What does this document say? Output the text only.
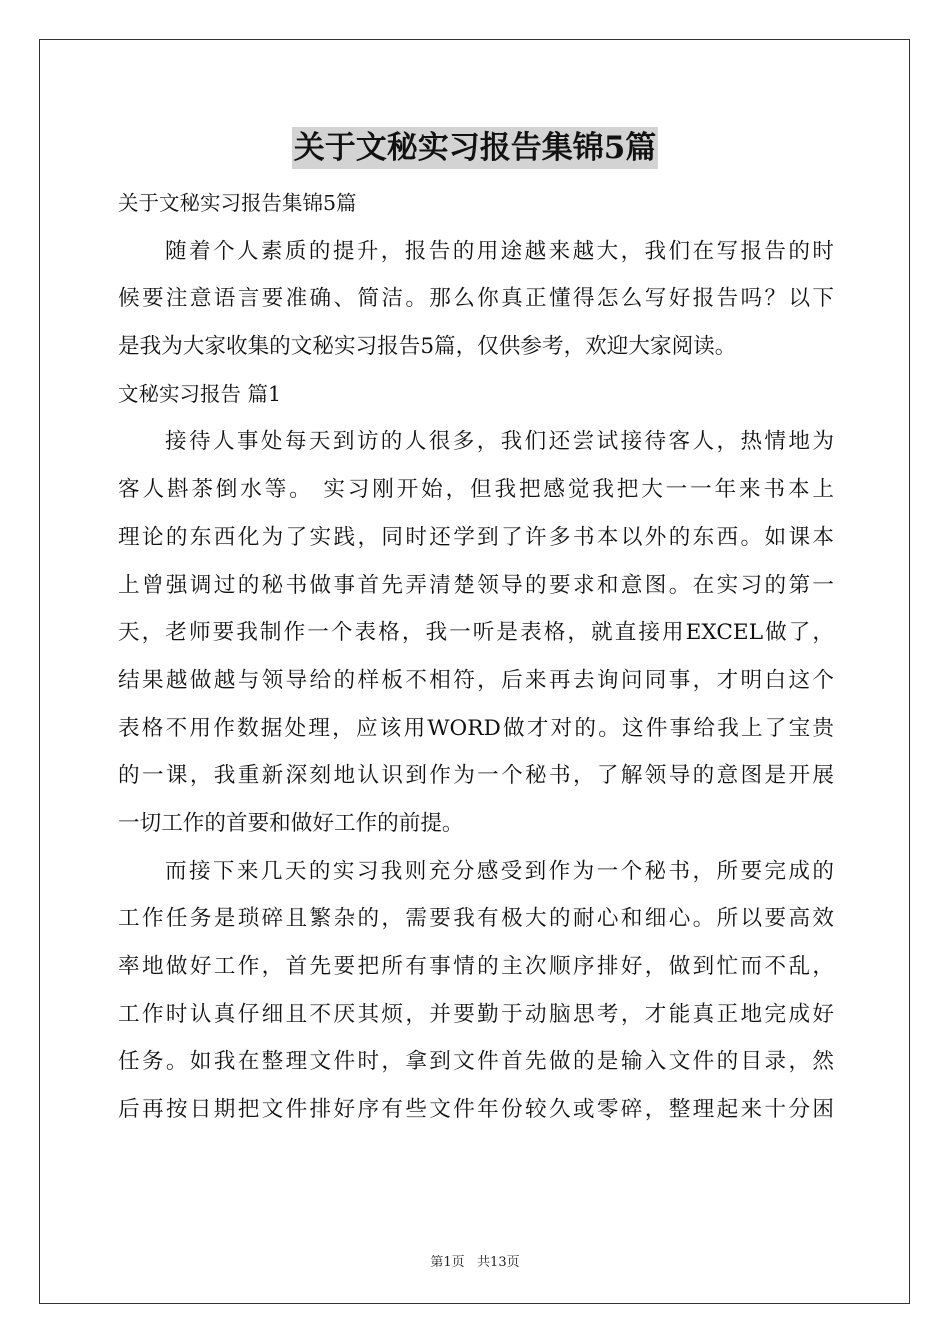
关于文秘实习报告集锦5篇
关于文秘实习报告集锦5篇
随着个人素质的提升，报告的用途越来越大，我们在写报告的时
候要注意语言要准确、简洁。那么你真正懂得怎么写好报告吗？以下
是我为大家收集的文秘实习报告5篇，仅供参考，欢迎大家阅读。
文秘实习报告 篇1
接待人事处每天到访的人很多，我们还尝试接待客人，热情地为
客人斟茶倒水等。 实习刚开始，但我把感觉我把大一一年来书本上
理论的东西化为了实践，同时还学到了许多书本以外的东西。如课本
上曾强调过的秘书做事首先弄清楚领导的要求和意图。在实习的第一
天，老师要我制作一个表格，我一听是表格，就直接用EXCEL做了，
结果越做越与领导给的样板不相符，后来再去询问同事，才明白这个
表格不用作数据处理，应该用WORD做才对的。这件事给我上了宝贵
的一课，我重新深刻地认识到作为一个秘书，了解领导的意图是开展
一切工作的首要和做好工作的前提。
而接下来几天的实习我则充分感受到作为一个秘书，所要完成的
工作任务是琐碎且繁杂的，需要我有极大的耐心和细心。所以要高效
率地做好工作，首先要把所有事情的主次顺序排好，做到忙而不乱，
工作时认真仔细且不厌其烦，并要勤于动脑思考，才能真正地完成好
任务。如我在整理文件时，拿到文件首先做的是输入文件的目录，然
后再按日期把文件排好序有些文件年份较久或零碎，整理起来十分困
第1页   共13页
